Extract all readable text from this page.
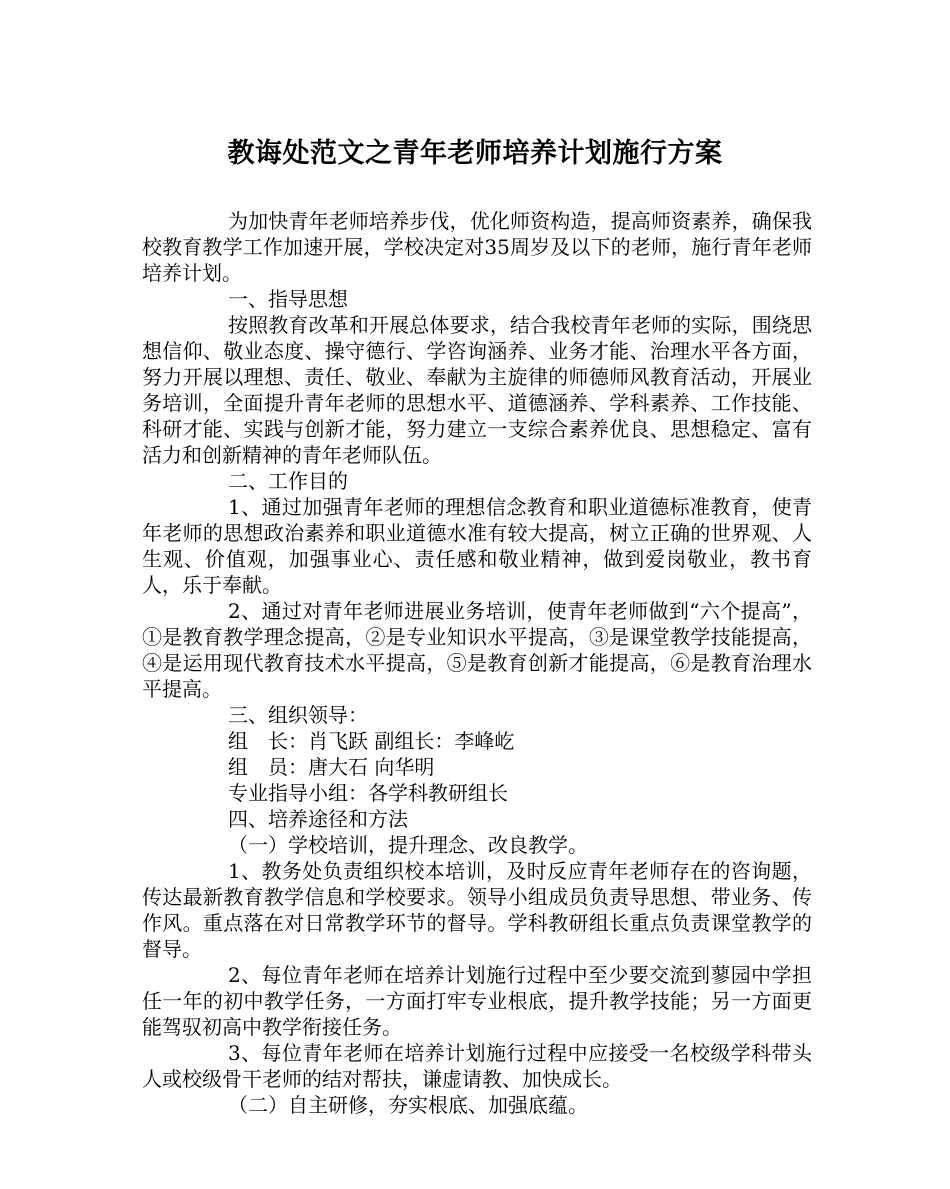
教诲处范文之青年老师培养计划施行方案

为加快青年老师培养步伐，优化师资构造，提高师资素养，确保我校教育教学工作加速开展，学校决定对35周岁及以下的老师，施行青年老师培养计划。

一、指导思想

按照教育改革和开展总体要求，结合我校青年老师的实际，围绕思想信仰、敬业态度、操守德行、学咨询涵养、业务才能、治理水平各方面，努力开展以理想、责任、敬业、奉献为主旋律的师德师风教育活动，开展业务培训，全面提升青年老师的思想水平、道德涵养、学科素养、工作技能、科研才能、实践与创新才能，努力建立一支综合素养优良、思想稳定、富有活力和创新精神的青年老师队伍。

二、工作目的

1、通过加强青年老师的理想信念教育和职业道德标准教育，使青年老师的思想政治素养和职业道德水准有较大提高，树立正确的世界观、人生观、价值观，加强事业心、责任感和敬业精神，做到爱岗敬业，教书育人，乐于奉献。

2、通过对青年老师进展业务培训，使青年老师做到“六个提高”，①是教育教学理念提高，②是专业知识水平提高，③是课堂教学技能提高，④是运用现代教育技术水平提高，⑤是教育创新才能提高，⑥是教育治理水平提高。

三、组织领导：

组　长：肖飞跃 副组长：李峰屹

组　员：唐大石 向华明

专业指导小组：各学科教研组长

四、培养途径和方法

（一）学校培训，提升理念、改良教学。

1、教务处负责组织校本培训，及时反应青年老师存在的咨询题，传达最新教育教学信息和学校要求。领导小组成员负责导思想、带业务、传作风。重点落在对日常教学环节的督导。学科教研组长重点负责课堂教学的督导。

2、每位青年老师在培养计划施行过程中至少要交流到蓼园中学担任一年的初中教学任务，一方面打牢专业根底，提升教学技能；另一方面更能驾驭初高中教学衔接任务。

3、每位青年老师在培养计划施行过程中应接受一名校级学科带头人或校级骨干老师的结对帮扶，谦虚请教、加快成长。

（二）自主研修，夯实根底、加强底蕴。
